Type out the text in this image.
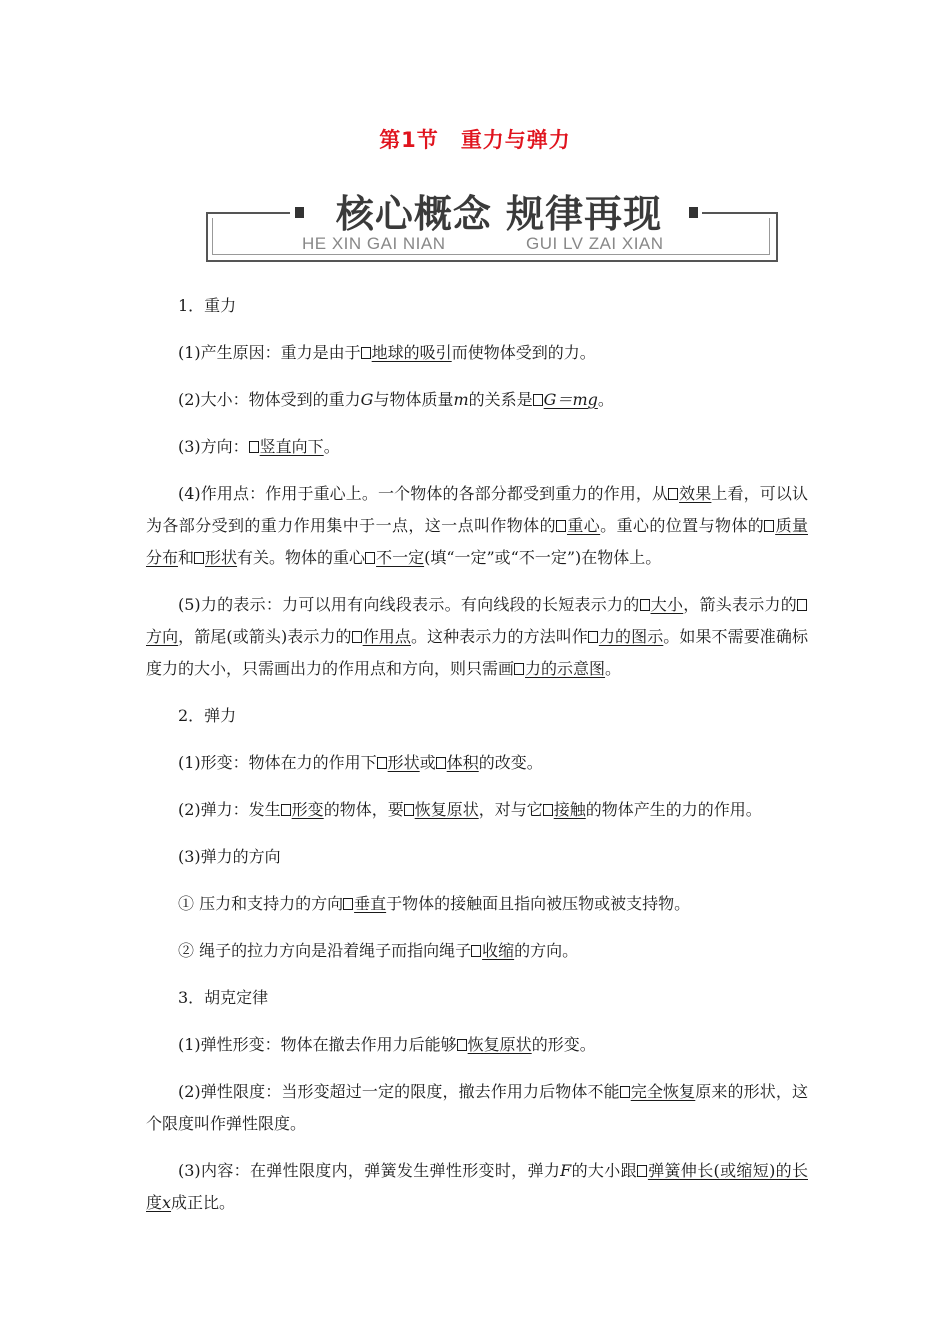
第1节 重力与弹力
核心概念 规律再现
HE XIN GAI NIAN	GUI LV ZAI XIAN

1．重力

(1)产生原因：重力是由于 地球的吸引而使物体受到的力。

(2)大小：物体受到的重力G与物体质量m的关系是 G＝mg。

(3)方向： 竖直向下。

(4)作用点：作用于重心上。一个物体的各部分都受到重力的作用，从 效果上看，可以认为各部分受到的重力作用集中于一点，这一点叫作物体的 重心。重心的位置与物体的 质量分布和 形状有关。物体的重心 不一定(填“一定”或“不一定”)在物体上。

(5)力的表示：力可以用有向线段表示。有向线段的长短表示力的 大小，箭头表示力的方向，箭尾(或箭头)表示力的 作用点。这种表示力的方法叫作 力的图示。如果不需要准确标度力的大小，只需画出力的作用点和方向，则只需画 力的示意图。

2．弹力

(1)形变：物体在力的作用下 形状或 体积的改变。

(2)弹力：发生 形变的物体，要 恢复原状，对与它 接触的物体产生的力的作用。

(3)弹力的方向

① 压力和支持力的方向 垂直于物体的接触面且指向被压物或被支持物。

② 绳子的拉力方向是沿着绳子而指向绳子 收缩的方向。

3．胡克定律

(1)弹性形变：物体在撤去作用力后能够 恢复原状的形变。

(2)弹性限度：当形变超过一定的限度，撤去作用力后物体不能 完全恢复原来的形状，这个限度叫作弹性限度。

(3)内容：在弹性限度内，弹簧发生弹性形变时，弹力F的大小跟 弹簧伸长(或缩短)的长度x成正比。
